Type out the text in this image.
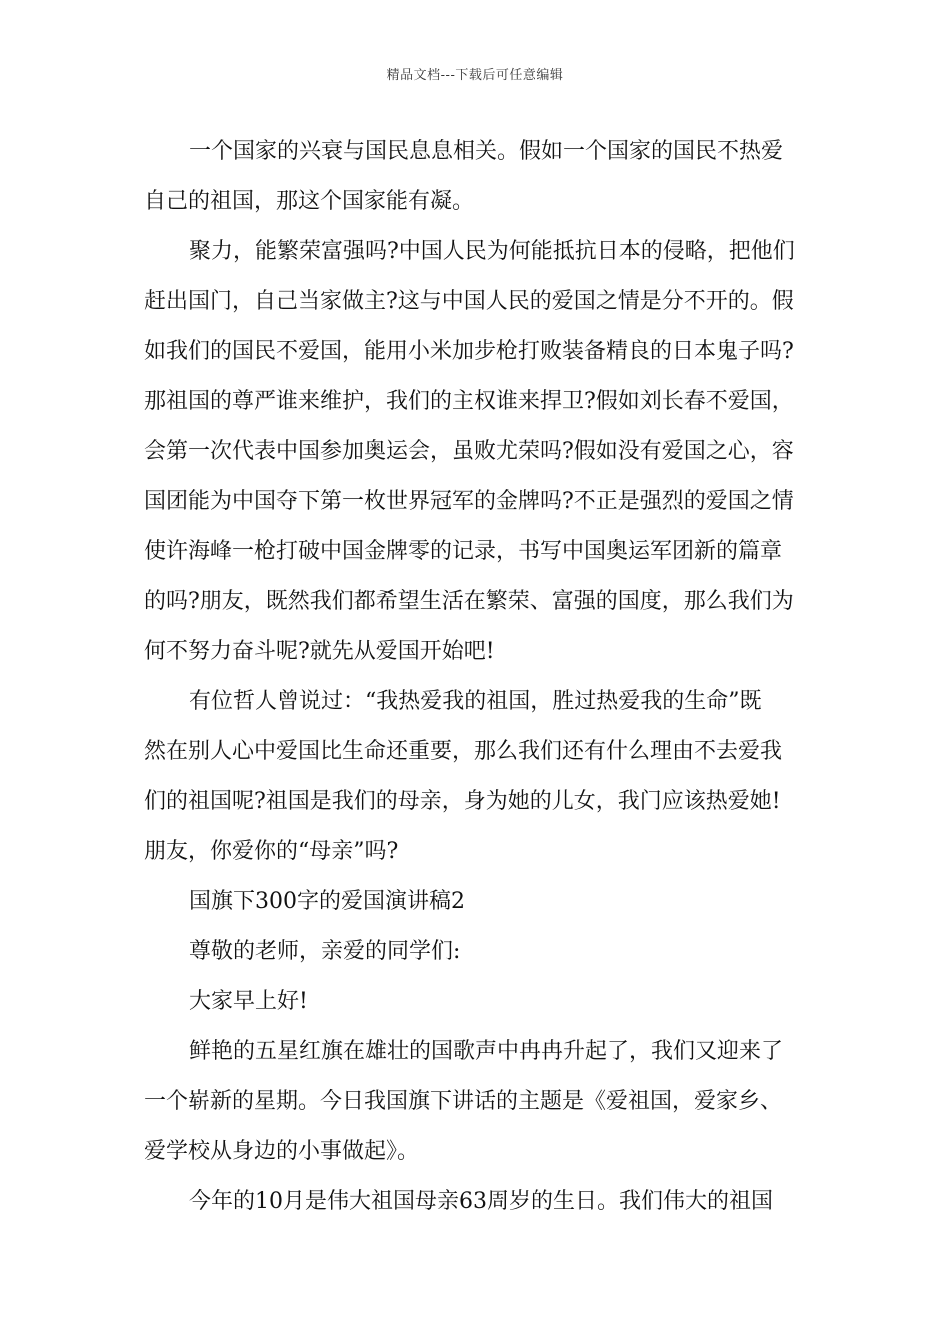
精品文档---下载后可任意编辑
一个国家的兴衰与国民息息相关。假如一个国家的国民不热爱
自己的祖国，那这个国家能有凝。
聚力，能繁荣富强吗?中国人民为何能抵抗日本的侵略，把他们
赶出国门，自己当家做主?这与中国人民的爱国之情是分不开的。假
如我们的国民不爱国，能用小米加步枪打败装备精良的日本鬼子吗?
那祖国的尊严谁来维护，我们的主权谁来捍卫?假如刘长春不爱国，
会第一次代表中国参加奥运会，虽败尤荣吗?假如没有爱国之心，容
国团能为中国夺下第一枚世界冠军的金牌吗?不正是强烈的爱国之情
使许海峰一枪打破中国金牌零的记录，书写中国奥运军团新的篇章
的吗?朋友，既然我们都希望生活在繁荣、富强的国度，那么我们为
何不努力奋斗呢?就先从爱国开始吧!
有位哲人曾说过：“我热爱我的祖国，胜过热爱我的生命”既
然在别人心中爱国比生命还重要，那么我们还有什么理由不去爱我
们的祖国呢?祖国是我们的母亲，身为她的儿女，我门应该热爱她!
朋友，你爱你的“母亲”吗?
国旗下300字的爱国演讲稿2
尊敬的老师，亲爱的同学们:
大家早上好!
鲜艳的五星红旗在雄壮的国歌声中冉冉升起了，我们又迎来了
一个崭新的星期。今日我国旗下讲话的主题是《爱祖国，爱家乡、
爱学校从身边的小事做起》。
今年的10月是伟大祖国母亲63周岁的生日。我们伟大的祖国
